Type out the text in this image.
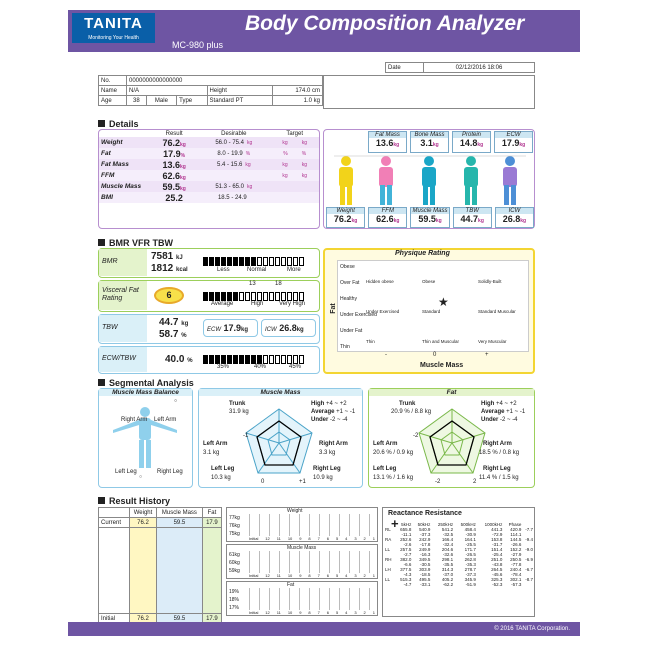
TANITA
Monitoring Your Health
Body Composition Analyzer
MC-980 plus
Date	02/12/2016 18:06
No.	0000000000000000				
Name	N/A			Height	174.0 cm
Age	38	Male	Type	Standard PT	1.0 kg
Details
	Result	Desirable	Target
Weight	76.2kg	56.0 - 75.4 kg	kg kg
Fat	17.9%	8.0 - 19.9 %	% %
Fat Mass	13.6kg	5.4 - 15.6 kg	kg kg
FFM	62.6kg		kg kg
Muscle Mass	59.5kg	51.3 - 65.0 kg	
BMI	25.2	18.5 - 24.9	
Fat Mass
13.6kg
Bone Mass
3.1kg
Protein
14.8kg
ECW
17.9kg
Weight
76.2kg
FFM
62.6kg
Muscle Mass
59.5kg
TBW
44.7kg
ICW
26.8kg
BMR VFR TBW
BMR	7581 kJ
1812 kcal	Less	Normal	More
Visceral Fat Rating	6
13	18
Average	High	Very High
TBW	44.7 kg
58.7 %
ECW 17.9kg	ICW 26.8kg
ECW/TBW	40.0 %
35%	40%	45%
Physique Rating
Fat
Muscle Mass
Obese
Over Fat
Healthy
Under Exercised
Under Fat
Thin
Hidden obese	Obese	Solidly-Built
Under Exercised	Standard	Standard Muscular
Thin	Thin and Muscular	Very Muscular
★
-	0	+
Segmental Analysis
Muscle Mass Balance
○
○
Right Arm Left Arm
Left Leg	Right Leg
Muscle Mass
Trunk
31.9 kg
High +4 ~ +2
Average +1 ~ -1
Under -2 ~ -4
Left Arm
3.1 kg
Right Arm
3.3 kg
Left Leg
10.3 kg
Right Leg
10.9 kg
-1
0	+1
Fat
Trunk
20.9 % / 8.8 kg
High +4 ~ +2
Average +1 ~ -1
Under -2 ~ -4
Left Arm
20.6 % / 0.9 kg
Right Arm
18.5 % / 0.8 kg
Left Leg
13.1 % / 1.6 kg
Right Leg
11.4 % / 1.5 kg
-2
-2	2
Result History
	Weight	Muscle Mass	Fat
Current	76.2	59.5	17.9

Initial	76.2	59.5	17.9
Weight
77kg
76kg
75kg
Initial 12 11 10 9 8 7 6 5 4 3 2 1
Muscle Mass
61kg
60kg
59kg
Initial 12 11 10 9 8 7 6 5 4 3 2 1
Fat
19%
18%
17%
Initial 12 11 10 9 8 7 6 5 4 3 2 1
Reactance Resistance
+
	5kHz	50kHz	250kHz	500kHz	1000kHz	Phase	
RL	655.8	540.9	541.2	458.4	441.3	420.9	-7.7
	-11.1	-37.3	-32.5	-30.9	-72.9	114.1	
RA	252.6	242.9	166.4	164.1	153.8	144.5	-9.4
	-2.6	-17.8	-32.4	-25.5	-31.7	-26.6	
LL	257.5	249.9	204.6	171.7	151.4	152.2	-9.0
	-2.7	-16.3	-32.6	-26.5	-25.4	-27.9	
RH	382.0	349.5	298.1	262.8	251.0	250.5	-6.9
	-6.6	-30.5	-35.5	-35.3	-43.8	-77.8	
LH	377.5	303.9	314.3	278.7	264.5	240.4	-6.7
	-4.3	-18.5	-37.0	-37.3	-45.6	-78.4	
LL	515.3	495.5	405.2	345.9	325.3	302.1	-8.7
	-4.7	-33.1	-62.2	-51.9	-52.3	-57.3	
© 2016 TANITA Corporation.
